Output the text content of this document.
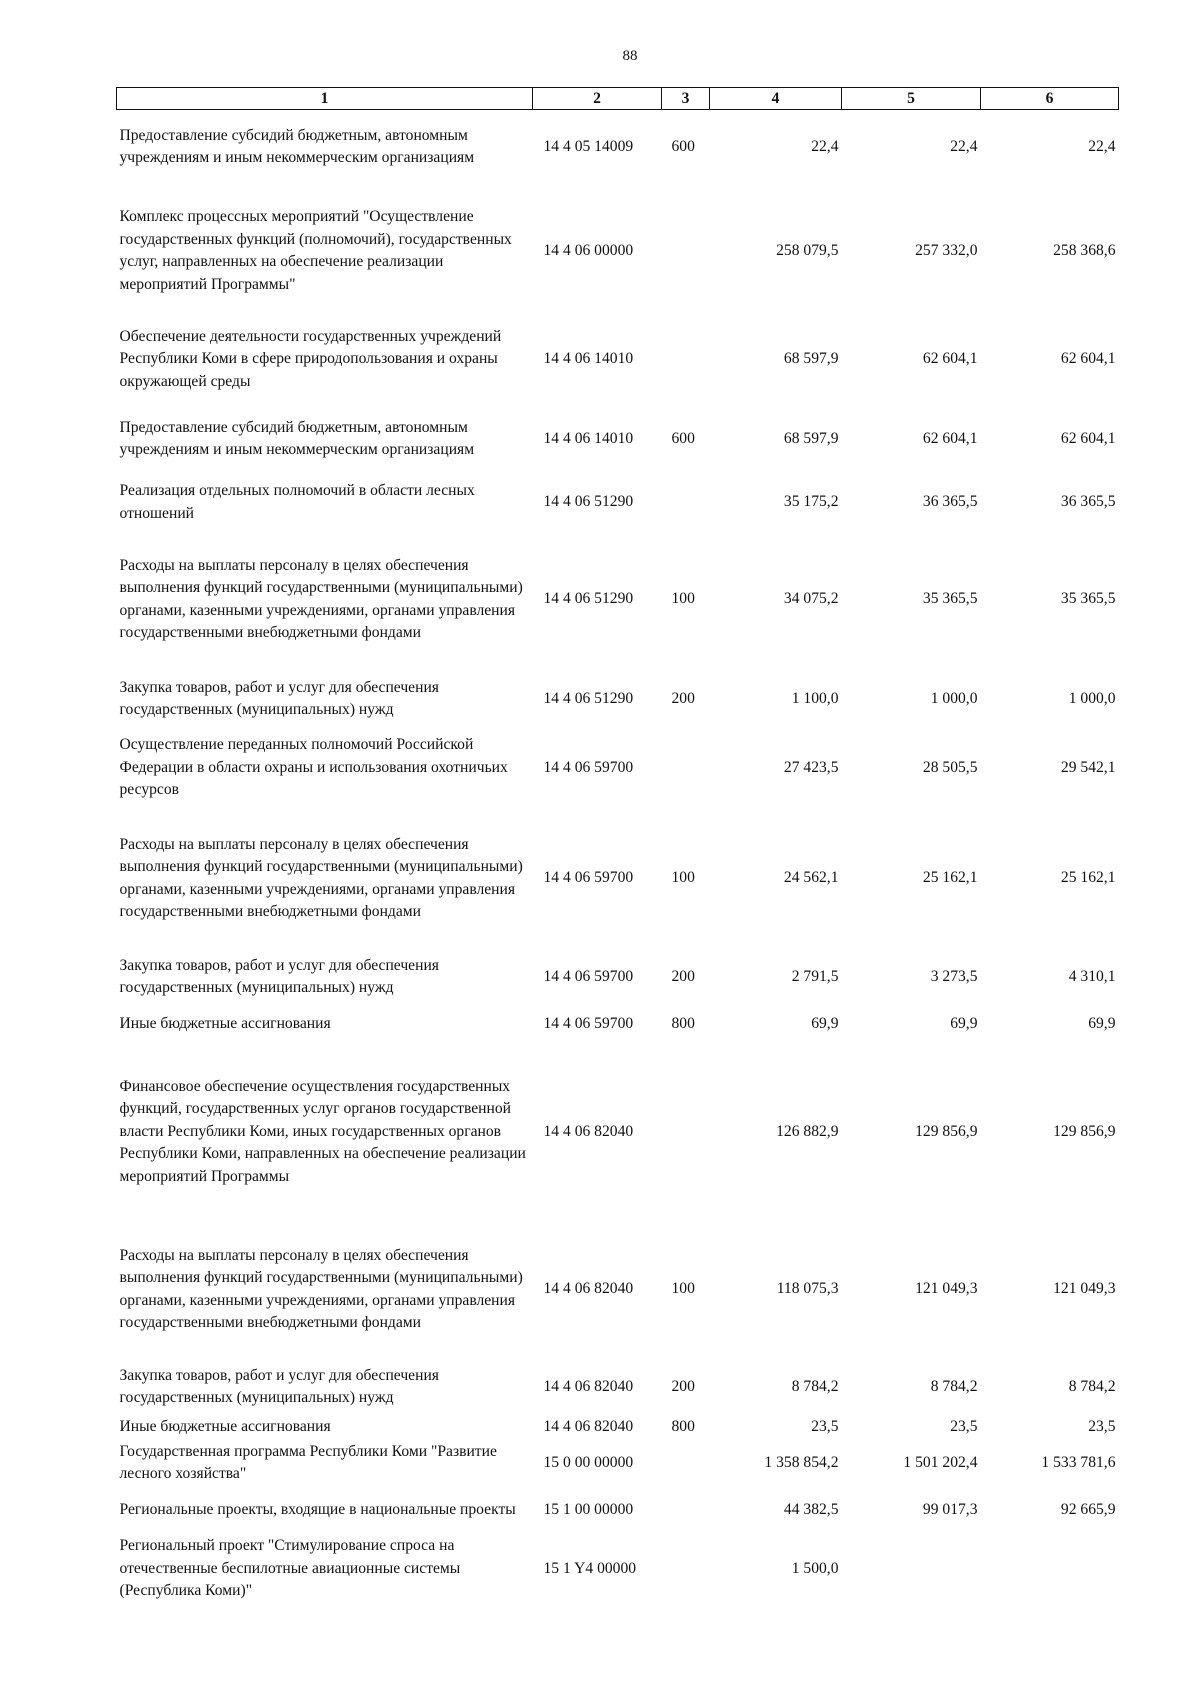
88
1	2	3	4	5	6
Предоставление субсидий бюджетным, автономным учреждениям и иным некоммерческим организациям	14 4 05 14009	600	22,4	22,4	22,4
Комплекс процессных мероприятий "Осуществление государственных функций (полномочий), государственных услуг, направленных на обеспечение реализации мероприятий Программы"	14 4 06 00000		258 079,5	257 332,0	258 368,6
Обеспечение деятельности государственных учреждений Республики Коми в сфере природопользования и охраны окружающей среды	14 4 06 14010		68 597,9	62 604,1	62 604,1
Предоставление субсидий бюджетным, автономным учреждениям и иным некоммерческим организациям	14 4 06 14010	600	68 597,9	62 604,1	62 604,1
Реализация отдельных полномочий в области лесных отношений	14 4 06 51290		35 175,2	36 365,5	36 365,5
Расходы на выплаты персоналу в целях обеспечения выполнения функций государственными (муниципальными) органами, казенными учреждениями, органами управления государственными внебюджетными фондами	14 4 06 51290	100	34 075,2	35 365,5	35 365,5
Закупка товаров, работ и услуг для обеспечения государственных (муниципальных) нужд	14 4 06 51290	200	1 100,0	1 000,0	1 000,0
Осуществление переданных полномочий Российской Федерации в области охраны и использования охотничьих ресурсов	14 4 06 59700		27 423,5	28 505,5	29 542,1
Расходы на выплаты персоналу в целях обеспечения выполнения функций государственными (муниципальными) органами, казенными учреждениями, органами управления государственными внебюджетными фондами	14 4 06 59700	100	24 562,1	25 162,1	25 162,1
Закупка товаров, работ и услуг для обеспечения государственных (муниципальных) нужд	14 4 06 59700	200	2 791,5	3 273,5	4 310,1
Иные бюджетные ассигнования	14 4 06 59700	800	69,9	69,9	69,9
Финансовое обеспечение осуществления государственных функций, государственных услуг органов государственной власти Республики Коми, иных государственных органов Республики Коми, направленных на обеспечение реализации мероприятий Программы	14 4 06 82040		126 882,9	129 856,9	129 856,9
Расходы на выплаты персоналу в целях обеспечения выполнения функций государственными (муниципальными) органами, казенными учреждениями, органами управления государственными внебюджетными фондами	14 4 06 82040	100	118 075,3	121 049,3	121 049,3
Закупка товаров, работ и услуг для обеспечения государственных (муниципальных) нужд	14 4 06 82040	200	8 784,2	8 784,2	8 784,2
Иные бюджетные ассигнования	14 4 06 82040	800	23,5	23,5	23,5
Государственная программа Республики Коми "Развитие лесного хозяйства"	15 0 00 00000		1 358 854,2	1 501 202,4	1 533 781,6
Региональные проекты, входящие в национальные проекты	15 1 00 00000		44 382,5	99 017,3	92 665,9
Региональный проект "Стимулирование спроса на отечественные беспилотные авиационные системы (Республика Коми)"	15 1 Y4 00000		1 500,0		
